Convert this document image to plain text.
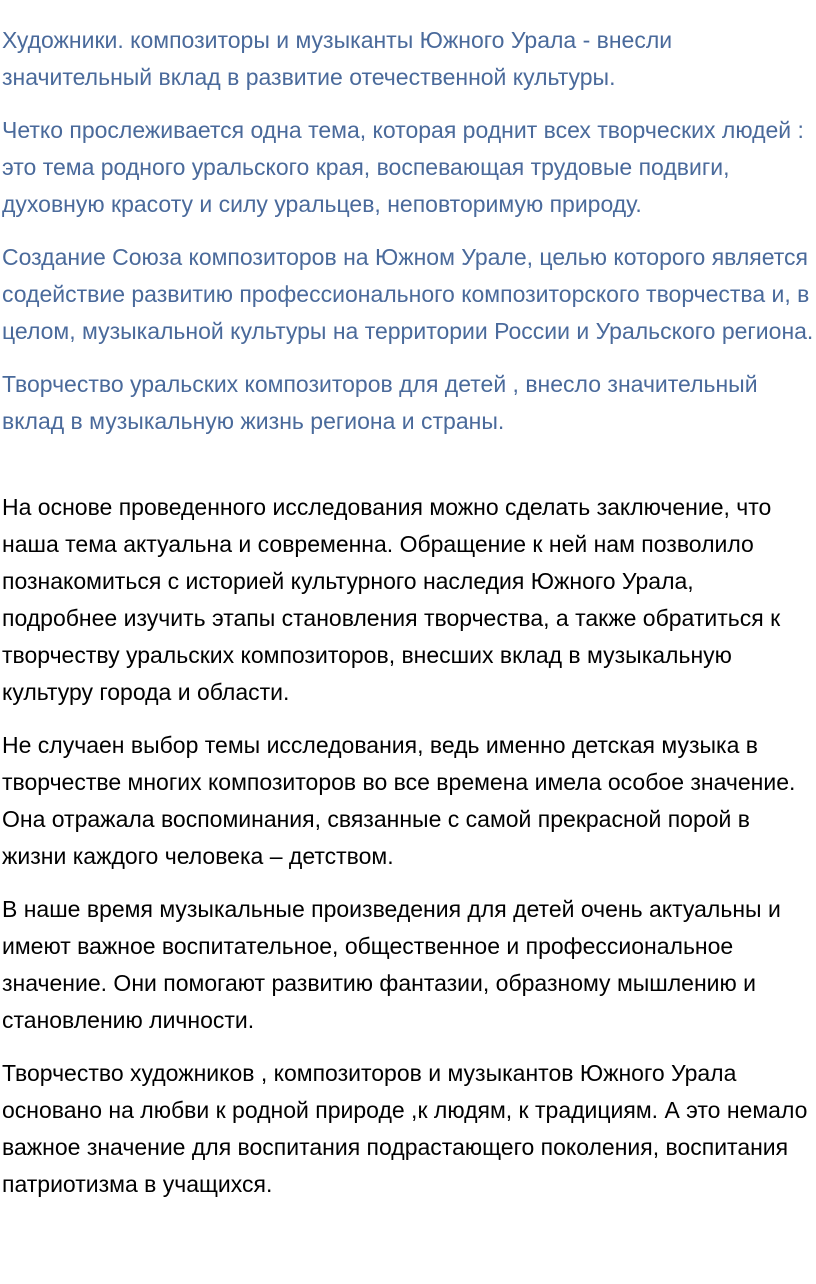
Художники. композиторы и музыканты Южного Урала - внесли значительный вклад в развитие отечественной культуры.

Четко прослеживается одна тема, которая роднит всех творческих людей : это тема родного уральского края, воспевающая трудовые подвиги, духовную красоту и силу уральцев, неповторимую природу.

Создание Союза композиторов на Южном Урале, целью которого является содействие развитию профессионального композиторского творчества и, в целом, музыкальной культуры на территории России и Уральского региона.

Творчество уральских композиторов для детей , внесло значительный вклад в музыкальную жизнь региона и страны.

На основе проведенного исследования можно сделать заключение, что наша тема актуальна и современна. Обращение к ней нам позволило познакомиться с историей культурного наследия Южного Урала, подробнее изучить этапы становления творчества, а также обратиться к творчеству уральских композиторов, внесших вклад в музыкальную культуру города и области.

Не случаен выбор темы исследования, ведь именно детская музыка в творчестве многих композиторов во все времена имела особое значение. Она отражала воспоминания, связанные с самой прекрасной порой в жизни каждого человека – детством.

В наше время музыкальные произведения для детей очень актуальны и имеют важное воспитательное, общественное и профессиональное значение. Они помогают развитию фантазии, образному мышлению и становлению личности.

Творчество художников , композиторов и музыкантов Южного Урала основано на любви к родной природе ,к людям, к традициям. А это немало важное значение для воспитания подрастающего поколения, воспитания патриотизма в учащихся.
